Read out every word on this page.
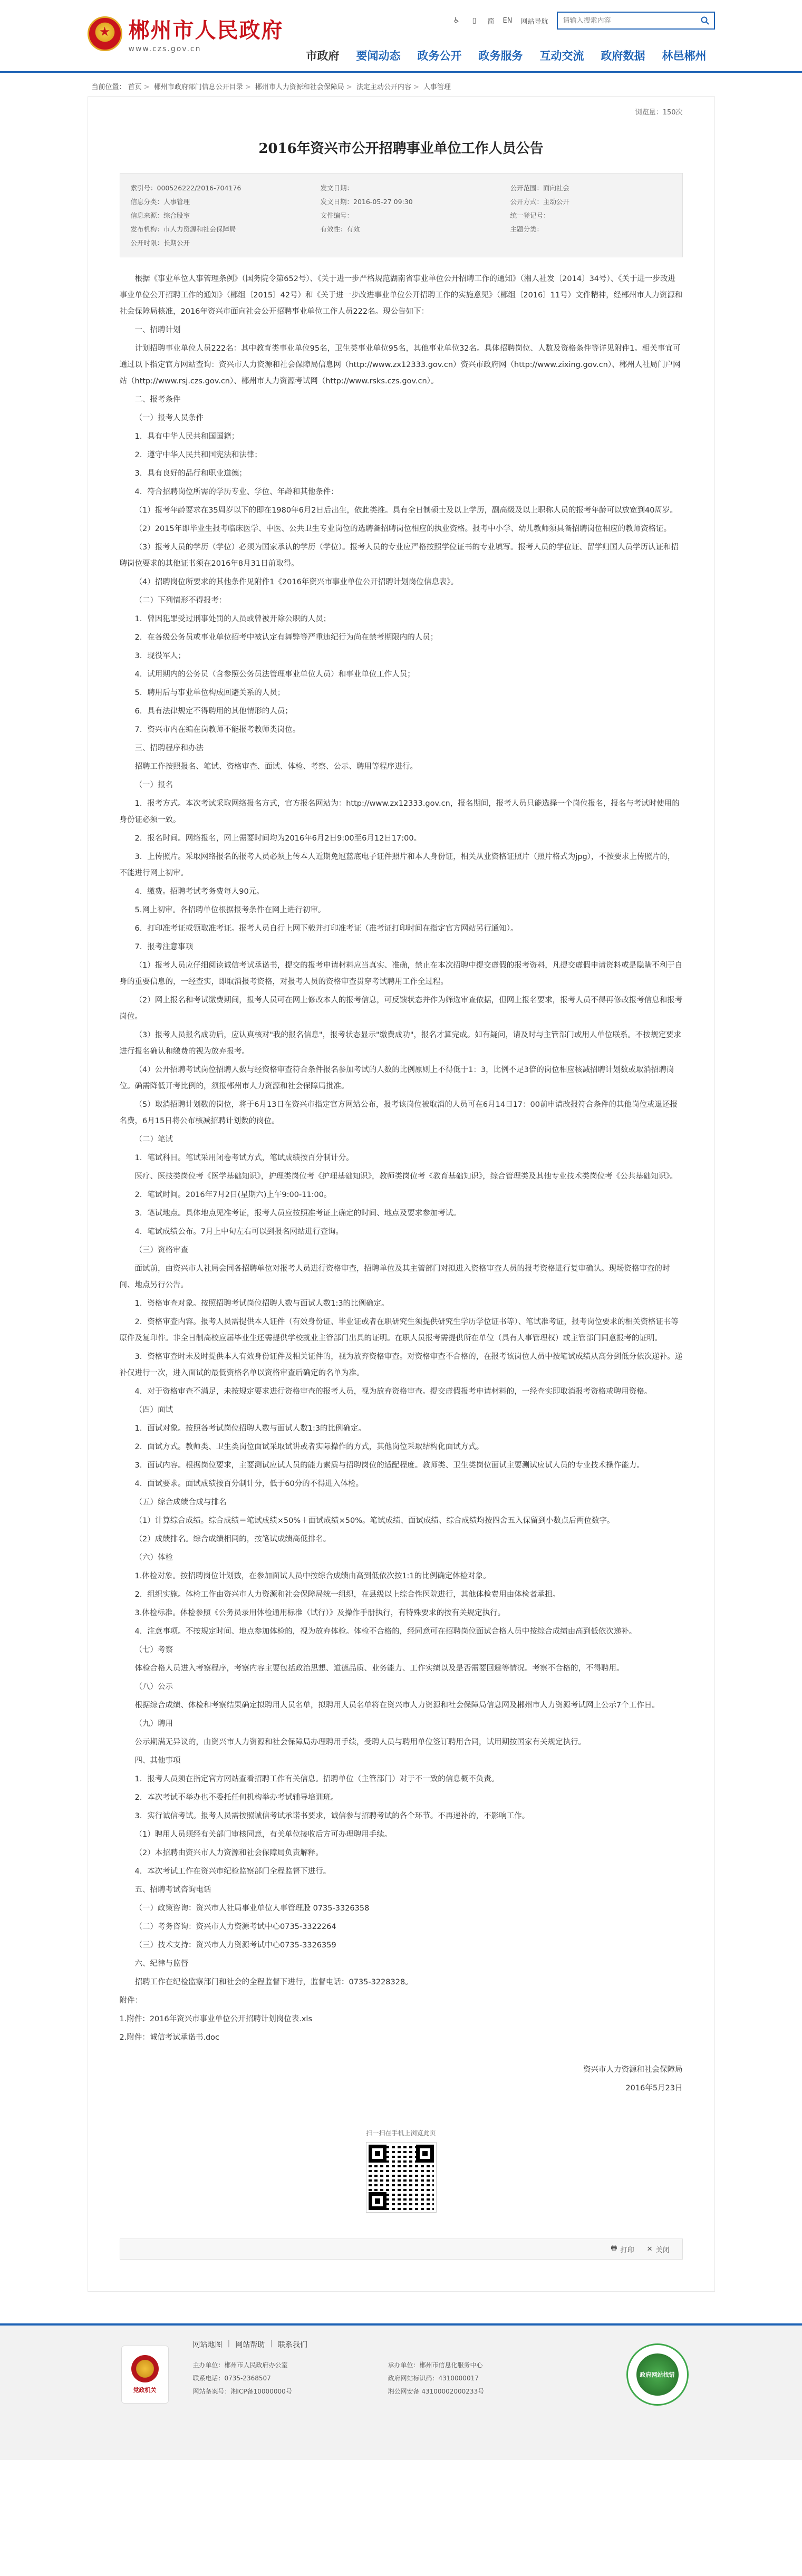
★
郴州市人民政府
www.czs.gov.cn
♿	▯	简 EN 网站导航
请输入搜索内容
市政府	要闻动态	政务公开	政务服务	互动交流	政府数据	林邑郴州
当前位置： 首页 > 郴州市政府部门信息公开目录 > 郴州市人力资源和社会保障局 > 法定主动公开内容 > 人事管理
浏览量：150次
2016年资兴市公开招聘事业单位工作人员公告
索引号：000526222/2016-704176	发文日期：	公开范围：面向社会
信息分类：人事管理	发文日期：2016-05-27 09:30	公开方式：主动公开
信息来源：综合股室	文件编号：	统一登记号：
发布机构：市人力资源和社会保障局	有效性：有效	主题分类：
公开时限：长期公开

根据《事业单位人事管理条例》（国务院令第652号）、《关于进一步严格规范湖南省事业单位公开招聘工作的通知》（湘人社发〔2014〕34号）、《关于进一步改进事业单位公开招聘工作的通知》（郴组〔2015〕42号）和《关于进一步改进事业单位公开招聘工作的实施意见》（郴组〔2016〕11号）文件精神，经郴州市人力资源和社会保障局核准，2016年资兴市面向社会公开招聘事业单位工作人员222名。现公告如下：

一、招聘计划

计划招聘事业单位人员222名：其中教育类事业单位95名，卫生类事业单位95名，其他事业单位32名。具体招聘岗位、人数及资格条件等详见附件1。相关事宜可通过以下指定官方网站查询：资兴市人力资源和社会保障局信息网（http://www.zx12333.gov.cn）资兴市政府网（http://www.zixing.gov.cn）、郴州人社局门户网站（http://www.rsj.czs.gov.cn）、郴州市人力资源考试网（http://www.rsks.czs.gov.cn）。

二、报考条件

（一）报考人员条件

1．具有中华人民共和国国籍；

2．遵守中华人民共和国宪法和法律；

3．具有良好的品行和职业道德；

4．符合招聘岗位所需的学历专业、学位、年龄和其他条件：

（1）报考年龄要求在35周岁以下的即在1980年6月2日后出生，依此类推。具有全日制硕士及以上学历，副高级及以上职称人员的报考年龄可以放宽到40周岁。

（2）2015年即毕业生报考临床医学、中医、公共卫生专业岗位的选聘备招聘岗位相应的执业资格。报考中小学、幼儿教师须具备招聘岗位相应的教师资格证。

（3）报考人员的学历（学位）必须为国家承认的学历（学位）。报考人员的专业应严格按照学位证书的专业填写。报考人员的学位证、留学归国人员学历认证和招聘岗位要求的其他证书须在2016年8月31日前取得。

（4）招聘岗位所要求的其他条件见附件1《2016年资兴市事业单位公开招聘计划岗位信息表》。

（二）下列情形不得报考：

1．曾因犯罪受过刑事处罚的人员或曾被开除公职的人员；

2．在各级公务员或事业单位招考中被认定有舞弊等严重违纪行为尚在禁考期限内的人员；

3．现役军人；

4．试用期内的公务员（含参照公务员法管理事业单位人员）和事业单位工作人员；

5．聘用后与事业单位构成回避关系的人员；

6．具有法律规定不得聘用的其他情形的人员；

7．资兴市内在编在岗教师不能报考教师类岗位。

三、招聘程序和办法

招聘工作按照报名、笔试、资格审查、面试、体检、考察、公示、聘用等程序进行。

（一）报名

1．报考方式。本次考试采取网络报名方式，官方报名网站为：http://www.zx12333.gov.cn，报名期间，报考人员只能选择一个岗位报名，报名与考试时使用的身份证必须一致。

2．报名时间。网络报名，网上需要时间均为2016年6月2日9:00至6月12日17:00。

3．上传照片。采取网络报名的报考人员必须上传本人近期免冠蓝底电子证件照片和本人身份证，相关从业资格证照片（照片格式为jpg），不按要求上传照片的，不能进行网上初审。

4．缴费。招聘考试考务费每人90元。

5.网上初审。各招聘单位根据报考条件在网上进行初审。

6．打印准考证或领取准考证。报考人员自行上网下载并打印准考证（准考证打印时间在指定官方网站另行通知）。

7．报考注意事项

（1）报考人员应仔细阅读诚信考试承诺书，提交的报考申请材料应当真实、准确，禁止在本次招聘中提交虚假的报考资料，凡提交虚假申请资料或是隐瞒不利于自身的重要信息的，一经查实，即取消报考资格，对报考人员的资格审查贯穿考试聘用工作全过程。

（2）网上报名和考试缴费期间，报考人员可在网上修改本人的报考信息，可反馈状态并作为筛选审查依据，但网上报名要求，报考人员不得再修改报考信息和报考岗位。

（3）报考人员报名成功后，应认真核对"我的报名信息"，报考状态显示"缴费成功"，报名才算完成。如有疑问，请及时与主管部门或用人单位联系。不按规定要求进行报名确认和缴费的视为放弃报考。

（4）公开招聘考试岗位招聘人数与经资格审查符合条件报名参加考试的人数的比例原则上不得低于1：3，比例不足3倍的岗位相应核减招聘计划数或取消招聘岗位。确需降低开考比例的，须报郴州市人力资源和社会保障局批准。

（5）取消招聘计划数的岗位，将于6月13日在资兴市指定官方网站公布，报考该岗位被取消的人员可在6月14日17：00前申请改报符合条件的其他岗位或退还报名费，6月15日将公布核减招聘计划数的岗位。

（二）笔试

1．笔试科目。笔试采用闭卷考试方式，笔试成绩按百分制计分。

医疗、医技类岗位考《医学基础知识》，护理类岗位考《护理基础知识》，教师类岗位考《教育基础知识》，综合管理类及其他专业技术类岗位考《公共基础知识》。

2．笔试时间。2016年7月2日(星期六)上午9:00-11:00。

3．笔试地点。具体地点见准考证，报考人员应按照准考证上确定的时间、地点及要求参加考试。

4．笔试成绩公布。7月上中旬左右可以到报名网站进行查询。

（三）资格审查

面试前，由资兴市人社局会同各招聘单位对报考人员进行资格审查，招聘单位及其主管部门对拟进入资格审查人员的报考资格进行复审确认。现场资格审查的时间、地点另行公告。

1．资格审查对象。按照招聘考试岗位招聘人数与面试人数1:3的比例确定。

2．资格审查内容。报考人员需提供本人证件（有效身份证、毕业证或者在职研究生须提供研究生学历学位证书等）、笔试准考证，报考岗位要求的相关资格证书等原件及复印件。非全日制高校应届毕业生还需提供学校就业主管部门出具的证明。在职人员报考需提供所在单位（具有人事管理权）或主管部门同意报考的证明。

3．资格审查时未及时提供本人有效身份证件及相关证件的，视为放弃资格审查。对资格审查不合格的，在报考该岗位人员中按笔试成绩从高分到低分依次递补。递补仅进行一次，进入面试的最低资格名单以资格审查后确定的名单为准。

4．对于资格审查不满足，未按规定要求进行资格审查的报考人员，视为放弃资格审查。提交虚假报考申请材料的，一经查实即取消报考资格或聘用资格。

（四）面试

1．面试对象。按照各考试岗位招聘人数与面试人数1:3的比例确定。

2．面试方式。教师类、卫生类岗位面试采取试讲或者实际操作的方式，其他岗位采取结构化面试方式。

3．面试内容。根据岗位要求，主要测试应试人员的能力素质与招聘岗位的适配程度。教师类、卫生类岗位面试主要测试应试人员的专业技术操作能力。

4．面试要求。面试成绩按百分制计分，低于60分的不得进入体检。

（五）综合成绩合成与排名

（1）计算综合成绩。综合成绩＝笔试成绩×50%＋面试成绩×50%。笔试成绩、面试成绩、综合成绩均按四舍五入保留到小数点后两位数字。

（2）成绩排名。综合成绩相同的，按笔试成绩高低排名。

（六）体检

1.体检对象。按招聘岗位计划数，在参加面试人员中按综合成绩由高到低依次按1:1的比例确定体检对象。

2．组织实施。体检工作由资兴市人力资源和社会保障局统一组织，在县级以上综合性医院进行，其他体检费用由体检者承担。

3.体检标准。体检参照《公务员录用体检通用标准（试行）》及操作手册执行，有特殊要求的按有关规定执行。

4．注意事项。不按规定时间、地点参加体检的，视为放弃体检。体检不合格的，经同意可在招聘岗位面试合格人员中按综合成绩由高到低依次递补。

（七）考察

体检合格人员进入考察程序，考察内容主要包括政治思想、道德品质、业务能力、工作实绩以及是否需要回避等情况。考察不合格的，不得聘用。

（八）公示

根据综合成绩、体检和考察结果确定拟聘用人员名单，拟聘用人员名单将在资兴市人力资源和社会保障局信息网及郴州市人力资源考试网上公示7个工作日。

（九）聘用

公示期满无异议的，由资兴市人力资源和社会保障局办理聘用手续，受聘人员与聘用单位签订聘用合同，试用期按国家有关规定执行。

四、其他事项

1．报考人员须在指定官方网站查看招聘工作有关信息。招聘单位（主管部门）对于不一致的信息概不负责。

2．本次考试不举办也不委托任何机构举办考试辅导培训班。

3．实行诚信考试。报考人员需按照诚信考试承诺书要求，诚信参与招聘考试的各个环节。不再递补的，不影响工作。

（1）聘用人员须经有关部门审核同意，有关单位接收后方可办理聘用手续。

（2）本招聘由资兴市人力资源和社会保障局负责解释。

4．本次考试工作在资兴市纪检监察部门全程监督下进行。

五、招聘考试咨询电话

（一）政策咨询：资兴市人社局事业单位人事管理股 0735-3326358

（二）考务咨询：资兴市人力资源考试中心0735-3322264

（三）技术支持：资兴市人力资源考试中心0735-3326359

六、纪律与监督

招聘工作在纪检监察部门和社会的全程监督下进行，监督电话：0735-3228328。

附件：

1.附件：2016年资兴市事业单位公开招聘计划岗位表.xls

2.附件：诚信考试承诺书.doc

资兴市人力资源和社会保障局

2016年5月23日

扫一扫在手机上浏览此页
🖶 打印 ✕ 关闭
党政机关
网站地图 | 网站帮助 | 联系我们
主办单位：郴州市人民政府办公室	承办单位：郴州市信息化服务中心
联系电话：0735-2368507	政府网站标识码：4310000017
网站备案号：湘ICP备10000000号	湘公网安备 43100002000233号
政府网站找错
